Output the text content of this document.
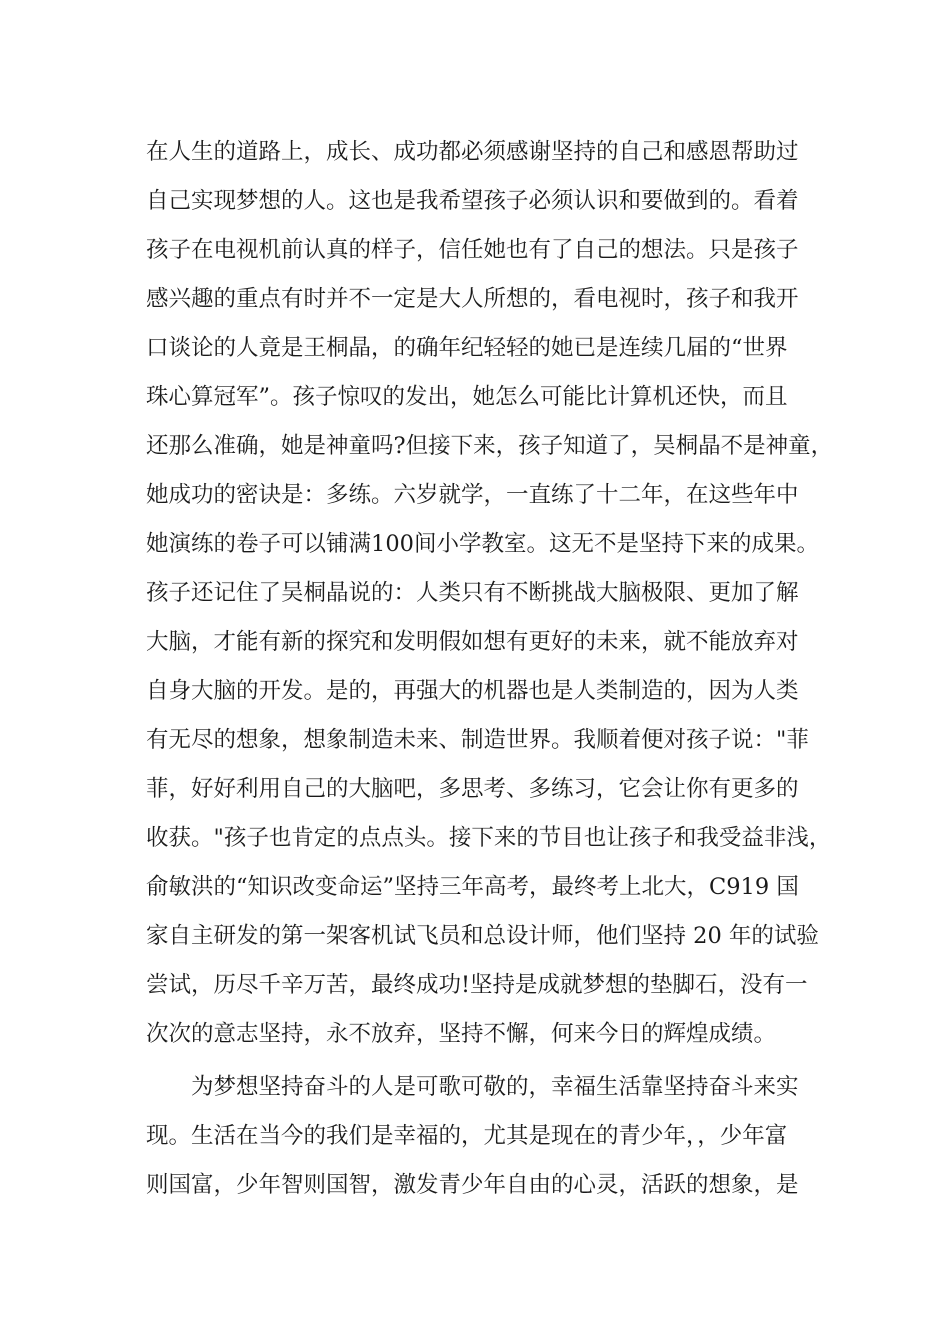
在人生的道路上，成长、成功都必须感谢坚持的自己和感恩帮助过
自己实现梦想的人。这也是我希望孩子必须认识和要做到的。看着
孩子在电视机前认真的样子，信任她也有了自己的想法。只是孩子
感兴趣的重点有时并不一定是大人所想的，看电视时，孩子和我开
口谈论的人竟是王桐晶，的确年纪轻轻的她已是连续几届的“世界
珠心算冠军”。孩子惊叹的发出，她怎么可能比计算机还快，而且
还那么准确，她是神童吗?但接下来，孩子知道了，吴桐晶不是神童，
她成功的密诀是：多练。六岁就学，一直练了十二年，在这些年中
她演练的卷子可以铺满100间小学教室。这无不是坚持下来的成果。
孩子还记住了吴桐晶说的：人类只有不断挑战大脑极限、更加了解
大脑，才能有新的探究和发明假如想有更好的未来，就不能放弃对
自身大脑的开发。是的，再强大的机器也是人类制造的，因为人类
有无尽的想象，想象制造未来、制造世界。我顺着便对孩子说："菲
菲，好好利用自己的大脑吧，多思考、多练习，它会让你有更多的
收获。"孩子也肯定的点点头。接下来的节目也让孩子和我受益非浅，
俞敏洪的“知识改变命运”坚持三年高考，最终考上北大，C919 国
家自主研发的第一架客机试飞员和总设计师，他们坚持 20 年的试验
尝试，历尽千辛万苦，最终成功!坚持是成就梦想的垫脚石，没有一
次次的意志坚持，永不放弃，坚持不懈，何来今日的辉煌成绩。
　　为梦想坚持奋斗的人是可歌可敬的，幸福生活靠坚持奋斗来实
现。生活在当今的我们是幸福的，尤其是现在的青少年，，少年富
则国富，少年智则国智，激发青少年自由的心灵，活跃的想象，是
